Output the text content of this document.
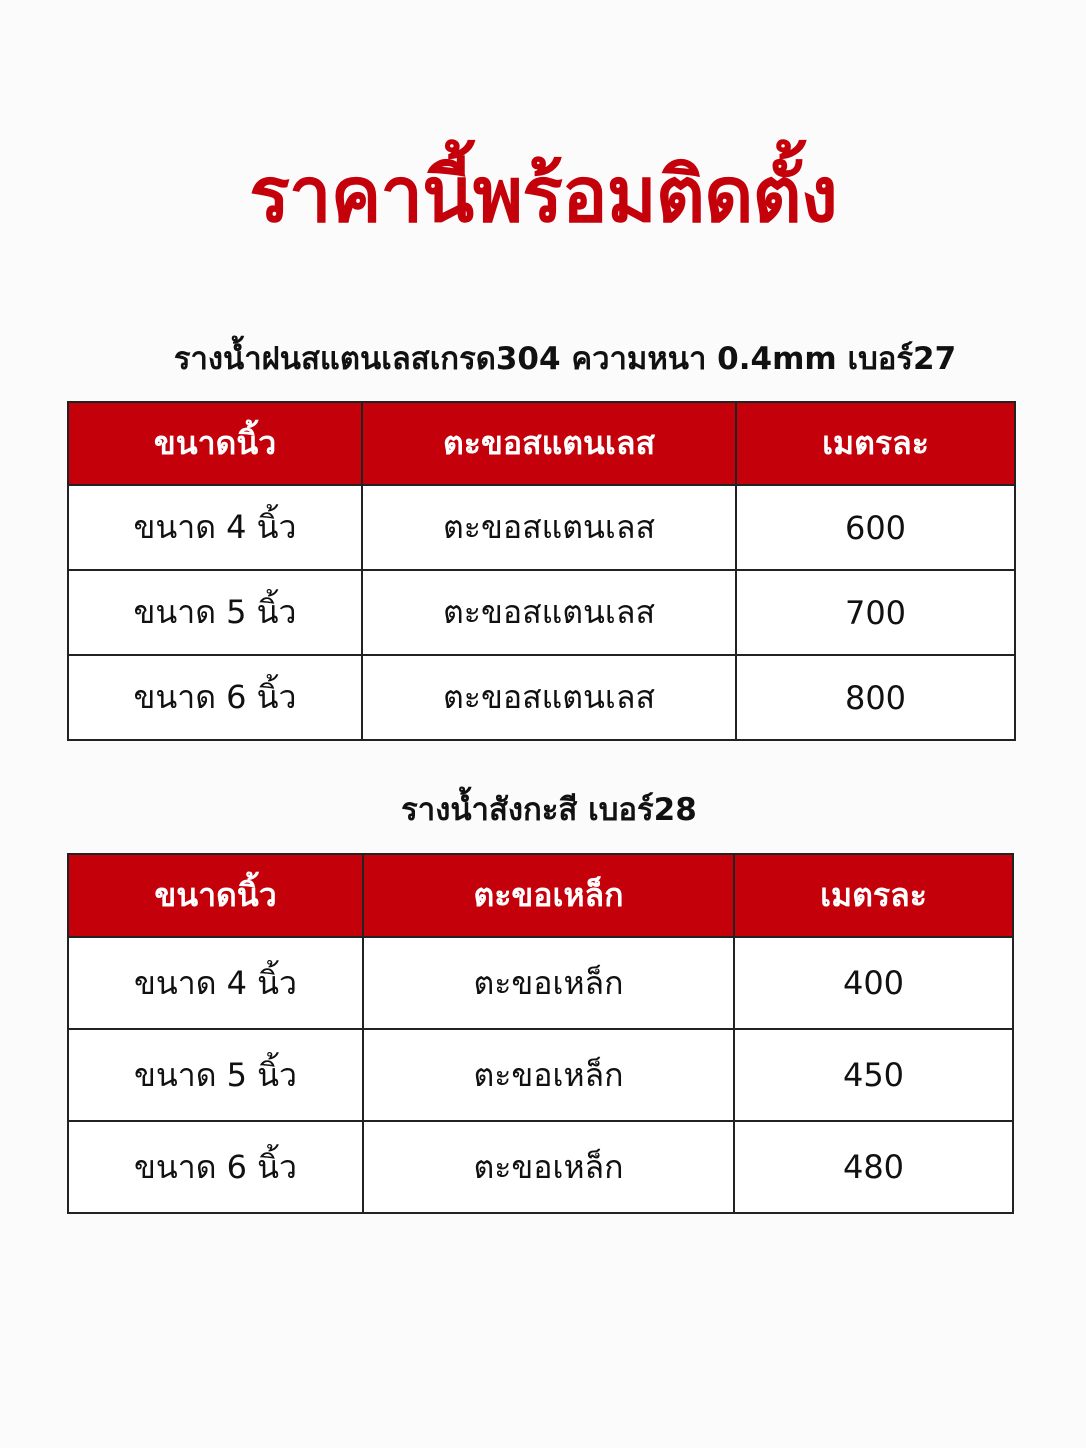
ราคานี้พร้อมติดตั้ง
รางน้ำฝนสแตนเลสเกรด304 ความหนา 0.4mm เบอร์27
ขนาดนิ้ว	ตะขอสแตนเลส	เมตรละ
ขนาด 4 นิ้ว	ตะขอสแตนเลส	600
ขนาด 5 นิ้ว	ตะขอสแตนเลส	700
ขนาด 6 นิ้ว	ตะขอสแตนเลส	800
รางน้ำสังกะสี เบอร์28
ขนาดนิ้ว	ตะขอเหล็ก	เมตรละ
ขนาด 4 นิ้ว	ตะขอเหล็ก	400
ขนาด 5 นิ้ว	ตะขอเหล็ก	450
ขนาด 6 นิ้ว	ตะขอเหล็ก	480
